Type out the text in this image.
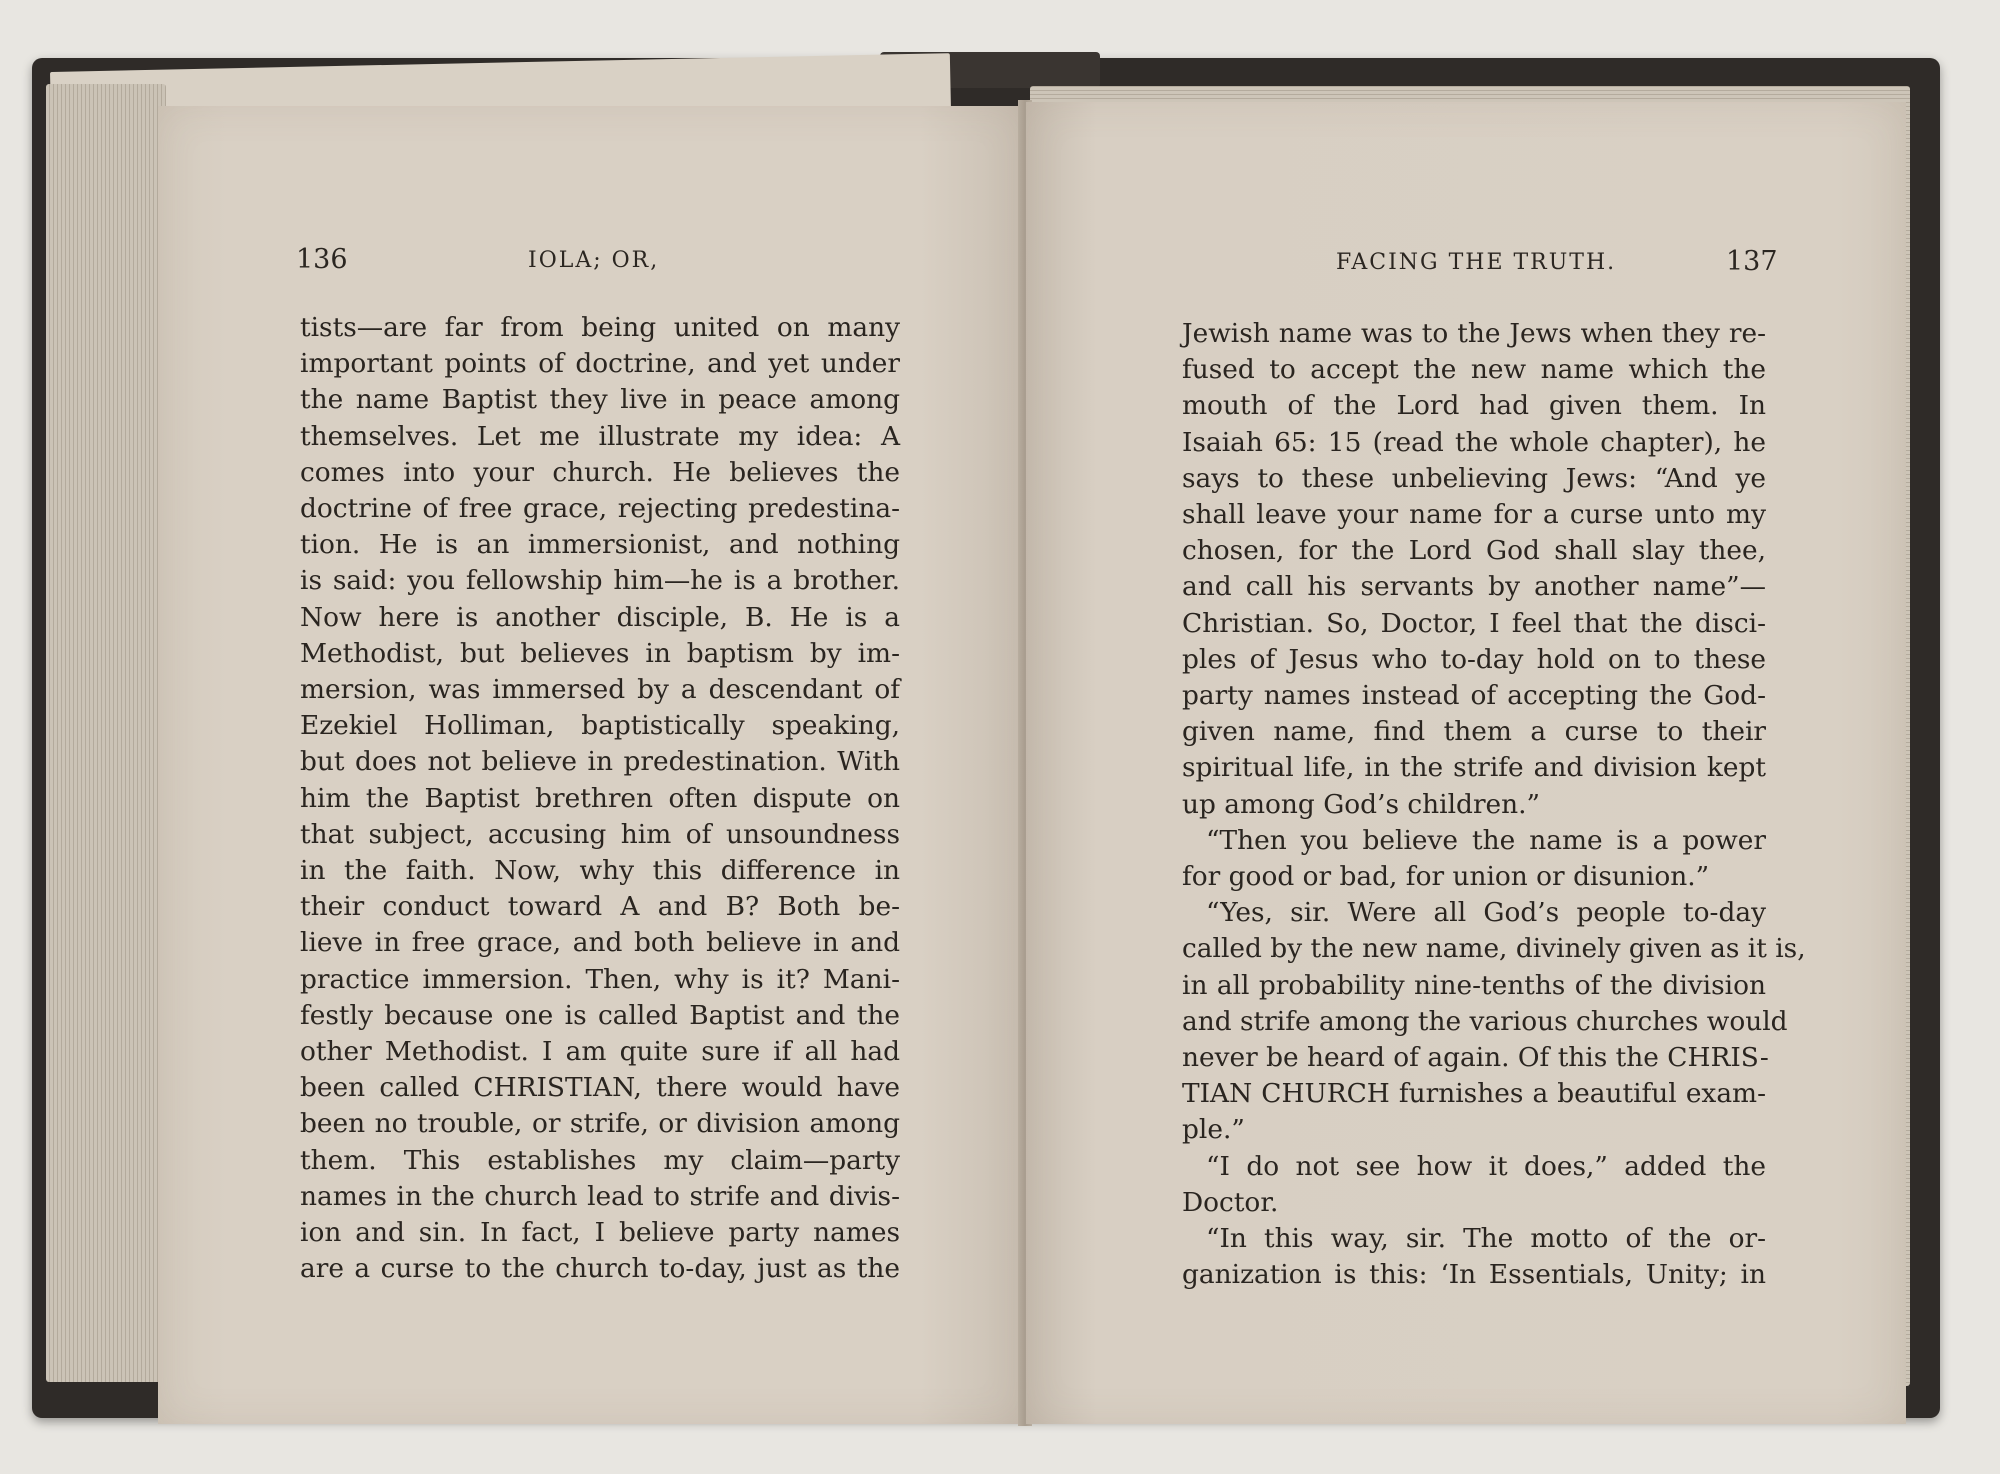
136	IOLA; OR,
tists—are far from being united on many
important points of doctrine, and yet under
the name Baptist they live in peace among
themselves. Let me illustrate my idea: A
comes into your church. He believes the
doctrine of free grace, rejecting predestina-
tion. He is an immersionist, and nothing
is said: you fellowship him—he is a brother.
Now here is another disciple, B. He is a
Methodist, but believes in baptism by im-
mersion, was immersed by a descendant of
Ezekiel Holliman, baptistically speaking,
but does not believe in predestination. With
him the Baptist brethren often dispute on
that subject, accusing him of unsoundness
in the faith. Now, why this difference in
their conduct toward A and B? Both be-
lieve in free grace, and both believe in and
practice immersion. Then, why is it? Mani-
festly because one is called Baptist and the
other Methodist. I am quite sure if all had
been called CHRISTIAN, there would have
been no trouble, or strife, or division among
them. This establishes my claim—party
names in the church lead to strife and divis-
ion and sin. In fact, I believe party names
are a curse to the church to-day, just as the
FACING THE TRUTH.	137
Jewish name was to the Jews when they re-
fused to accept the new name which the
mouth of the Lord had given them. In
Isaiah 65: 15 (read the whole chapter), he
says to these unbelieving Jews: “And ye
shall leave your name for a curse unto my
chosen, for the Lord God shall slay thee,
and call his servants by another name”—
Christian. So, Doctor, I feel that the disci-
ples of Jesus who to-day hold on to these
party names instead of accepting the God-
given name, find them a curse to their
spiritual life, in the strife and division kept
up among God’s children.”
“Then you believe the name is a power
for good or bad, for union or disunion.”
“Yes, sir. Were all God’s people to-day
called by the new name, divinely given as it is,
in all probability nine-tenths of the division
and strife among the various churches would
never be heard of again. Of this the CHRIS-
TIAN CHURCH furnishes a beautiful exam-
ple.”
“I do not see how it does,” added the
Doctor.
“In this way, sir. The motto of the or-
ganization is this: ‘In Essentials, Unity; in
